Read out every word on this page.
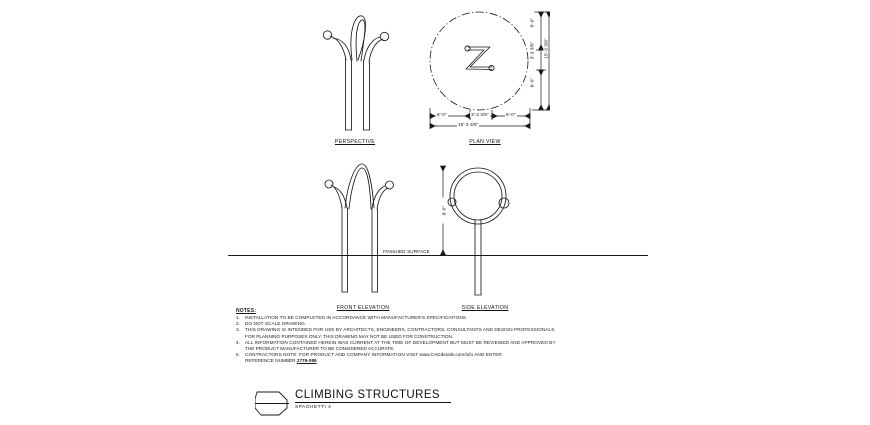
PERSPECTIVE
6'-0"	3'-3 3/8"	6'-0"
15'-3 3/8"
6'-0"
3'-3 3/8"
6'-0"
15'-3 3/8"
PLAN VIEW
FINISHED SURFACE
FRONT ELEVATION
8'-0"
SIDE ELEVATION
NOTES:
1.	INSTALLATION TO BE COMPLETED IN ACCORDANCE WITH MANUFACTURER'S SPECIFICATIONS.
2.	DO NOT SCALE DRAWING.
3.	THIS DRAWING IS INTENDED FOR USE BY ARCHITECTS, ENGINEERS, CONTRACTORS, CONSULTANTS AND DESIGN PROFESSIONALS
FOR PLANNING PURPOSES ONLY. THIS DRAWING MAY NOT BE USED FOR CONSTRUCTION.
4.	ALL INFORMATION CONTAINED HEREIN WAS CURRENT AT THE TIME OF DEVELOPMENT BUT MUST BE REVIEWED AND APPROVED BY
THE PRODUCT MANUFACTURER TO BE CONSIDERED ACCURATE.
5.	CONTRACTORS NOTE: FOR PRODUCT AND COMPANY INFORMATION VISIT www.CADdetails.com/info AND ENTER
REFERENCE NUMBER 2779-086
CLIMBING STRUCTURES
SPAGHETTI 4
